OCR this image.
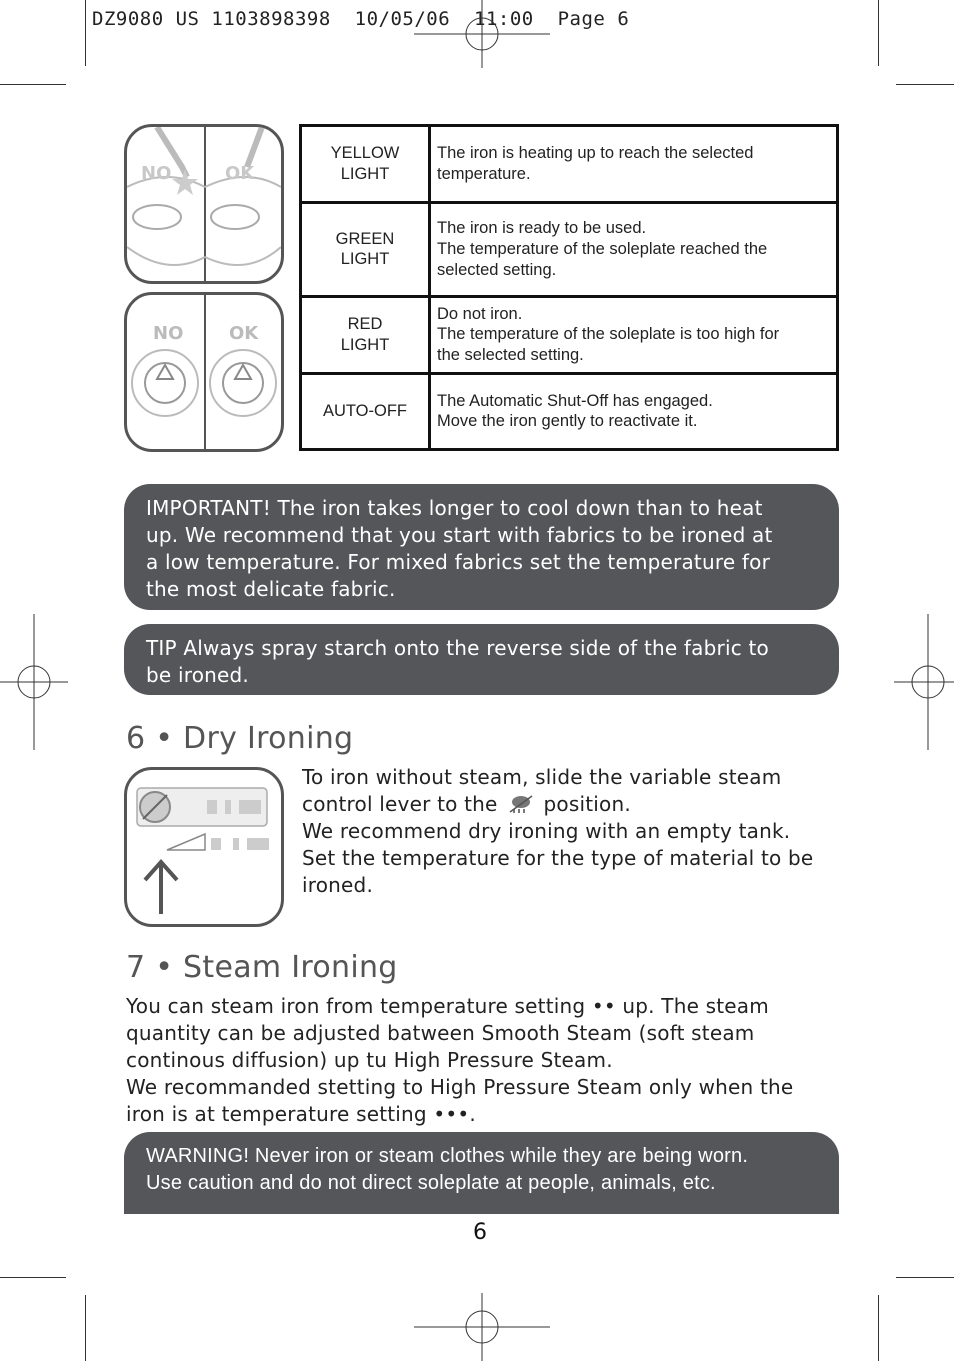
DZ9080 US 1103898398  10/05/06  11:00  Page 6
NO	OK
NO	OK
YELLOW
LIGHT	The iron is heating up to reach the selected
temperature.
GREEN
LIGHT	The iron is ready to be used.
The temperature of the soleplate reached the
selected setting.
RED
LIGHT	Do not iron.
The temperature of the soleplate is too high for
the selected setting.
AUTO-OFF	The Automatic Shut-Off has engaged.
Move the iron gently to reactivate it.
IMPORTANT! The iron takes longer to cool down than to heat
up. We recommend that you start with fabrics to be ironed at
a low temperature. For mixed fabrics set the temperature for
the most delicate fabric.
TIP Always spray starch onto the reverse side of the fabric to
be ironed.
6 • Dry Ironing

To iron without steam, slide the variable steam

control lever to the position.

We recommend dry ironing with an empty tank.

Set the temperature for the type of material to be

ironed.

7 • Steam Ironing

You can steam iron from temperature setting •• up. The steam

quantity can be adjusted batween Smooth Steam (soft steam

continous diffusion) up tu High Pressure Steam.

We recommanded stetting to High Pressure Steam only when the

iron is at temperature setting •••.

WARNING! Never iron or steam clothes while they are being worn.
Use caution and do not direct soleplate at people, animals, etc.
6
